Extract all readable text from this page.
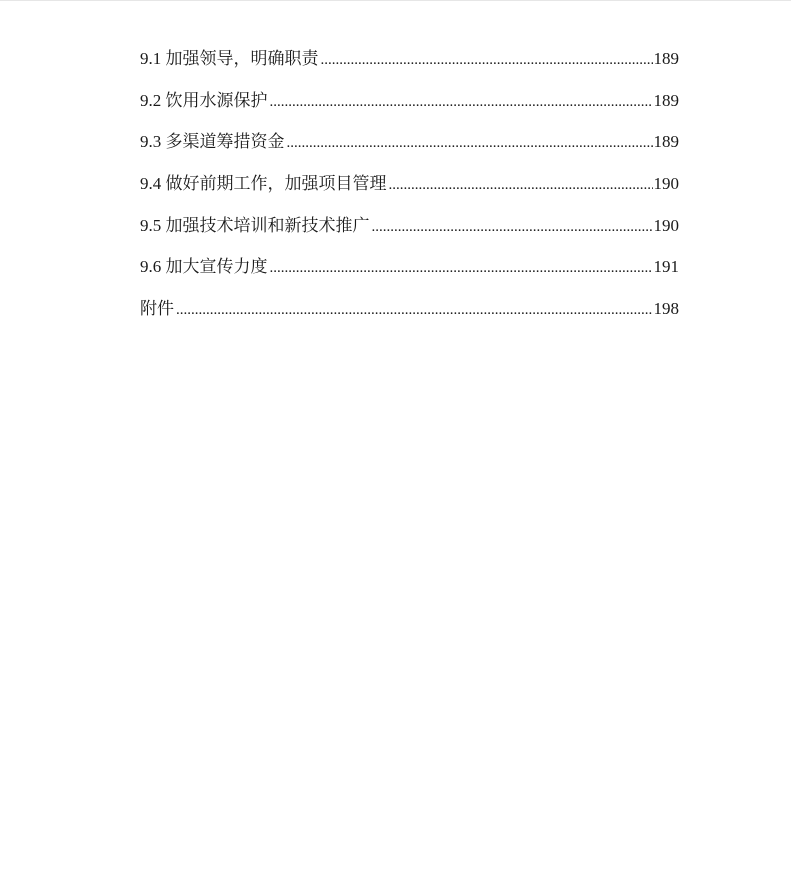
9.1 加强领导，明确职责 .....	189
9.2 饮用水源保护 .....	189
9.3 多渠道筹措资金 .....	189
9.4 做好前期工作，加强项目管理 .....	190
9.5 加强技术培训和新技术推广 .....	190
9.6 加大宣传力度 .....	191
附件 .....	198
